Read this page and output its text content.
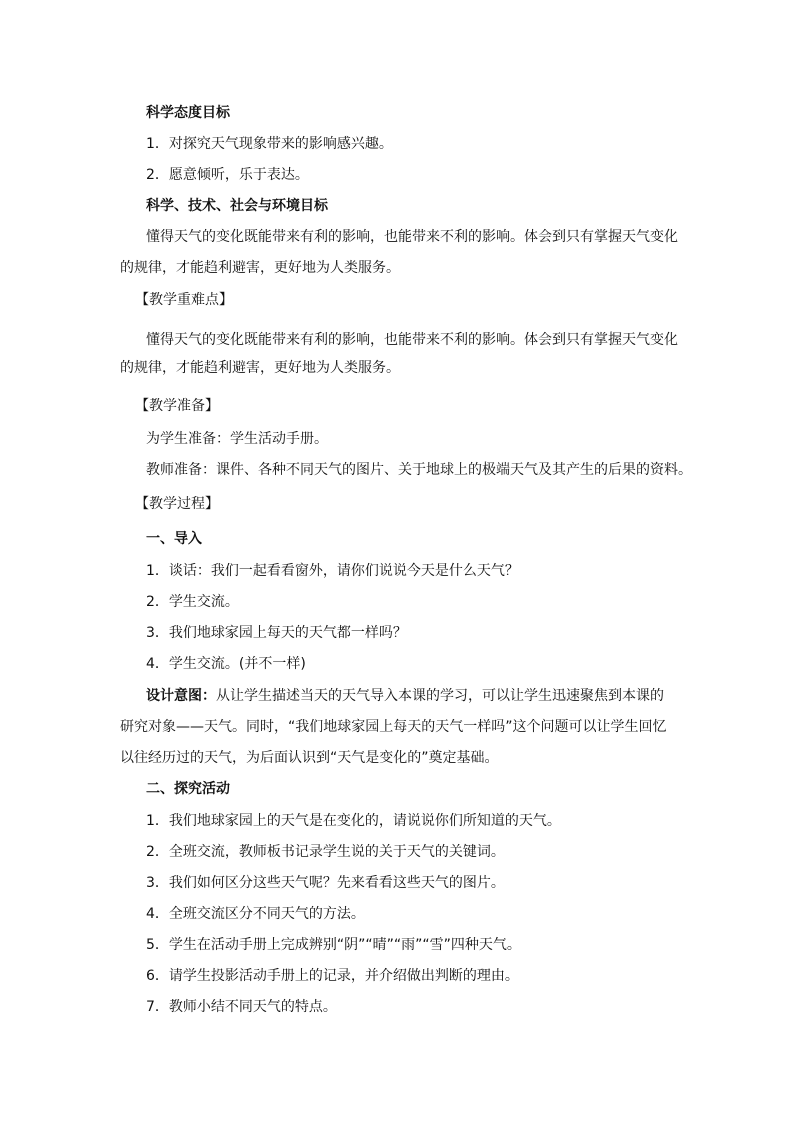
科学态度目标
1．对探究天气现象带来的影响感兴趣。
2．愿意倾听，乐于表达。
科学、技术、社会与环境目标
懂得天气的变化既能带来有利的影响，也能带来不利的影响。体会到只有掌握天气变化
的规律，才能趋利避害，更好地为人类服务。
【教学重难点】
懂得天气的变化既能带来有利的影响，也能带来不利的影响。体会到只有掌握天气变化
的规律，才能趋利避害，更好地为人类服务。
【教学准备】
为学生准备：学生活动手册。
教师准备：课件、各种不同天气的图片、关于地球上的极端天气及其产生的后果的资料。
【教学过程】
一、导入
1．谈话：我们一起看看窗外，请你们说说今天是什么天气？
2．学生交流。
3．我们地球家园上每天的天气都一样吗？
4．学生交流。(并不一样)
设计意图：从让学生描述当天的天气导入本课的学习，可以让学生迅速聚焦到本课的
研究对象——天气。同时，“我们地球家园上每天的天气一样吗”这个问题可以让学生回忆
以往经历过的天气，为后面认识到“天气是变化的”奠定基础。
二、探究活动
1．我们地球家园上的天气是在变化的，请说说你们所知道的天气。
2．全班交流，教师板书记录学生说的关于天气的关键词。
3．我们如何区分这些天气呢？先来看看这些天气的图片。
4．全班交流区分不同天气的方法。
5．学生在活动手册上完成辨别“阴”“晴”“雨”“雪”四种天气。
6．请学生投影活动手册上的记录，并介绍做出判断的理由。
7．教师小结不同天气的特点。
